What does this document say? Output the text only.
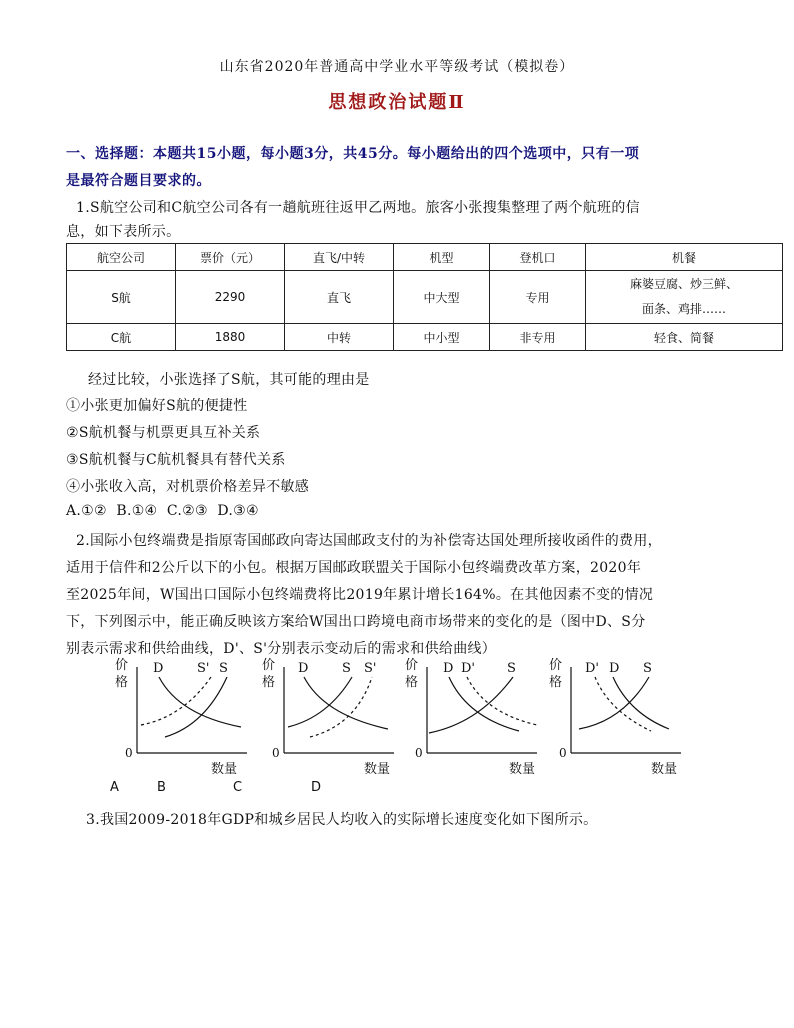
山东省2020年普通高中学业水平等级考试（模拟卷）
思想政治试题Ⅱ
一、选择题：本题共15小题，每小题3分，共45分。每小题给出的四个选项中，只有一项
是最符合题目要求的。
1.S航空公司和C航空公司各有一趟航班往返甲乙两地。旅客小张搜集整理了两个航班的信
息，如下表所示。
航空公司	票价（元）	直飞/中转	机型	登机口	机餐
S航	2290	直飞	中大型	专用	麻婆豆腐、炒三鲜、
面条、鸡排……

C航	1880	中转	中小型	非专用	轻食、简餐
经过比较，小张选择了S航，其可能的理由是
①小张更加偏好S航的便捷性
②S航机餐与机票更具互补关系
③S航机餐与C航机餐具有替代关系
④小张收入高，对机票价格差异不敏感
A.①②  B.①④  C.②③  D.③④
2.国际小包终端费是指原寄国邮政向寄达国邮政支付的为补偿寄达国处理所接收函件的费用，
适用于信件和2公斤以下的小包。根据万国邮政联盟关于国际小包终端费改革方案，2020年
至2025年间，W国出口国际小包终端费将比2019年累计增长164%。在其他因素不变的情况
下，下列图示中，能正确反映该方案给W国出口跨境电商市场带来的变化的是（图中D、S分
别表示需求和供给曲线，D'、S'分别表示变动后的需求和供给曲线）
价
格
0
数量
D	S' S	价
格
0
数量
D	S S' 价
格
0
数量
D D' S	价
格
0
数量
D' D S
A	B	C	D
3.我国2009-2018年GDP和城乡居民人均收入的实际增长速度变化如下图所示。
